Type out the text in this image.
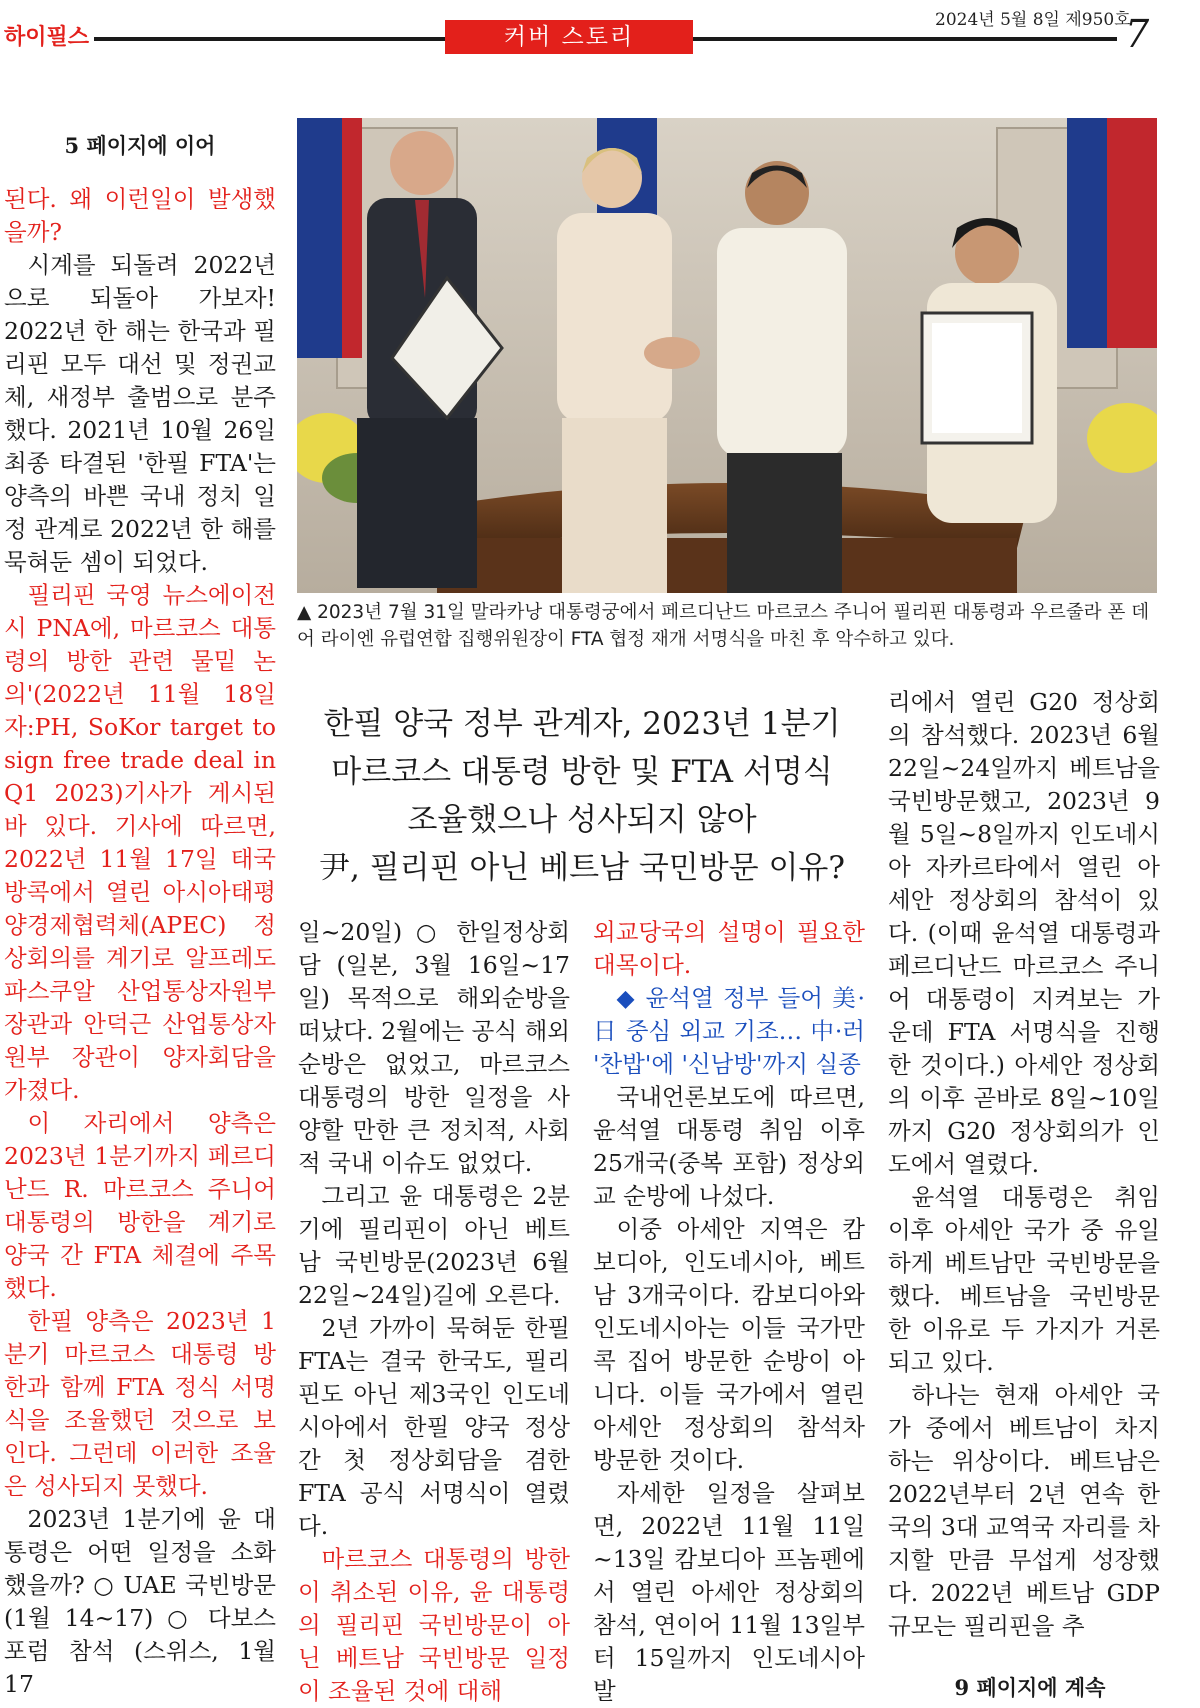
하이필스	커버 스토리
2024년 5월 8일 제950호
7
5 페이지에 이어

된다. 왜 이런일이 발생했을까?

시계를 되돌려 2022년으로 되돌아 가보자! 2022년 한 해는 한국과 필리핀 모두 대선 및 정권교체, 새정부 출범으로 분주했다. 2021년 10월 26일 최종 타결된 '한필 FTA'는 양측의 바쁜 국내 정치 일정 관계로 2022년 한 해를 묵혀둔 셈이 되었다.

필리핀 국영 뉴스에이전시 PNA에, 마르코스 대통령의 방한 관련 물밑 논의'(2022년 11월 18일자:PH, SoKor target to sign free trade deal in Q1 2023)기사가 게시된 바 있다. 기사에 따르면, 2022년 11월 17일 태국 방콕에서 열린 아시아태평양경제협력체(APEC) 정상회의를 계기로 알프레도 파스쿠알 산업통상자원부 장관과 안덕근 산업통상자원부 장관이 양자회담을 가졌다.

이 자리에서 양측은 2023년 1분기까지 페르디난드 R. 마르코스 주니어 대통령의 방한을 계기로 양국 간 FTA 체결에 주목했다.

한필 양측은 2023년 1분기 마르코스 대통령 방한과 함께 FTA 정식 서명식을 조율했던 것으로 보인다. 그런데 이러한 조율은 성사되지 못했다.

2023년 1분기에 윤 대통령은 어떤 일정을 소화했을까? ○ UAE 국빈방문(1월 14~17) ○ 다보스 포럼 참석 (스위스, 1월 17

▲ 2023년 7월 31일 말라카낭 대통령궁에서 페르디난드 마르코스 주니어 필리핀 대통령과 우르줄라 폰 데어 라이엔 유럽연합 집행위원장이 FTA 협정 재개 서명식을 마친 후 악수하고 있다.
한필 양국 정부 관계자, 2023년 1분기
마르코스 대통령 방한 및 FTA 서명식
조율했으나 성사되지 않아
尹, 필리핀 아닌 베트남 국민방문 이유?

일~20일) ○ 한일정상회담 (일본, 3월 16일~17일) 목적으로 해외순방을 떠났다. 2월에는 공식 해외 순방은 없었고, 마르코스 대통령의 방한 일정을 사양할 만한 큰 정치적, 사회적 국내 이슈도 없었다.

그리고 윤 대통령은 2분기에 필리핀이 아닌 베트남 국빈방문(2023년 6월 22일~24일)길에 오른다.

2년 가까이 묵혀둔 한필 FTA는 결국 한국도, 필리핀도 아닌 제3국인 인도네시아에서 한필 양국 정상 간 첫 정상회담을 겸한 FTA 공식 서명식이 열렸다.

마르코스 대통령의 방한이 취소된 이유, 윤 대통령의 필리핀 국빈방문이 아닌 베트남 국빈방문 일정이 조율된 것에 대해

외교당국의 설명이 필요한 대목이다.

◆ 윤석열 정부 들어 美·日 중심 외교 기조… 中·러 '찬밥'에 '신남방'까지 실종

국내언론보도에 따르면, 윤석열 대통령 취임 이후 25개국(중복 포함) 정상외교 순방에 나섰다.

이중 아세안 지역은 캄보디아, 인도네시아, 베트남 3개국이다. 캄보디아와 인도네시아는 이들 국가만 콕 집어 방문한 순방이 아니다. 이들 국가에서 열린 아세안 정상회의 참석차 방문한 것이다.

자세한 일정을 살펴보면, 2022년 11월 11일~13일 캄보디아 프놈펜에서 열린 아세안 정상회의 참석, 연이어 11월 13일부터 15일까지 인도네시아 발

리에서 열린 G20 정상회의 참석했다. 2023년 6월 22일~24일까지 베트남을 국빈방문했고, 2023년 9월 5일~8일까지 인도네시아 자카르타에서 열린 아세안 정상회의 참석이 있다. (이때 윤석열 대통령과 페르디난드 마르코스 주니어 대통령이 지켜보는 가운데 FTA 서명식을 진행한 것이다.) 아세안 정상회의 이후 곧바로 8일~10일까지 G20 정상회의가 인도에서 열렸다.

윤석열 대통령은 취임 이후 아세안 국가 중 유일하게 베트남만 국빈방문을 했다. 베트남을 국빈방문한 이유로 두 가지가 거론되고 있다.

하나는 현재 아세안 국가 중에서 베트남이 차지하는 위상이다. 베트남은 2022년부터 2년 연속 한국의 3대 교역국 자리를 차지할 만큼 무섭게 성장했다. 2022년 베트남 GDP 규모는 필리핀을 추

9 페이지에 계속
